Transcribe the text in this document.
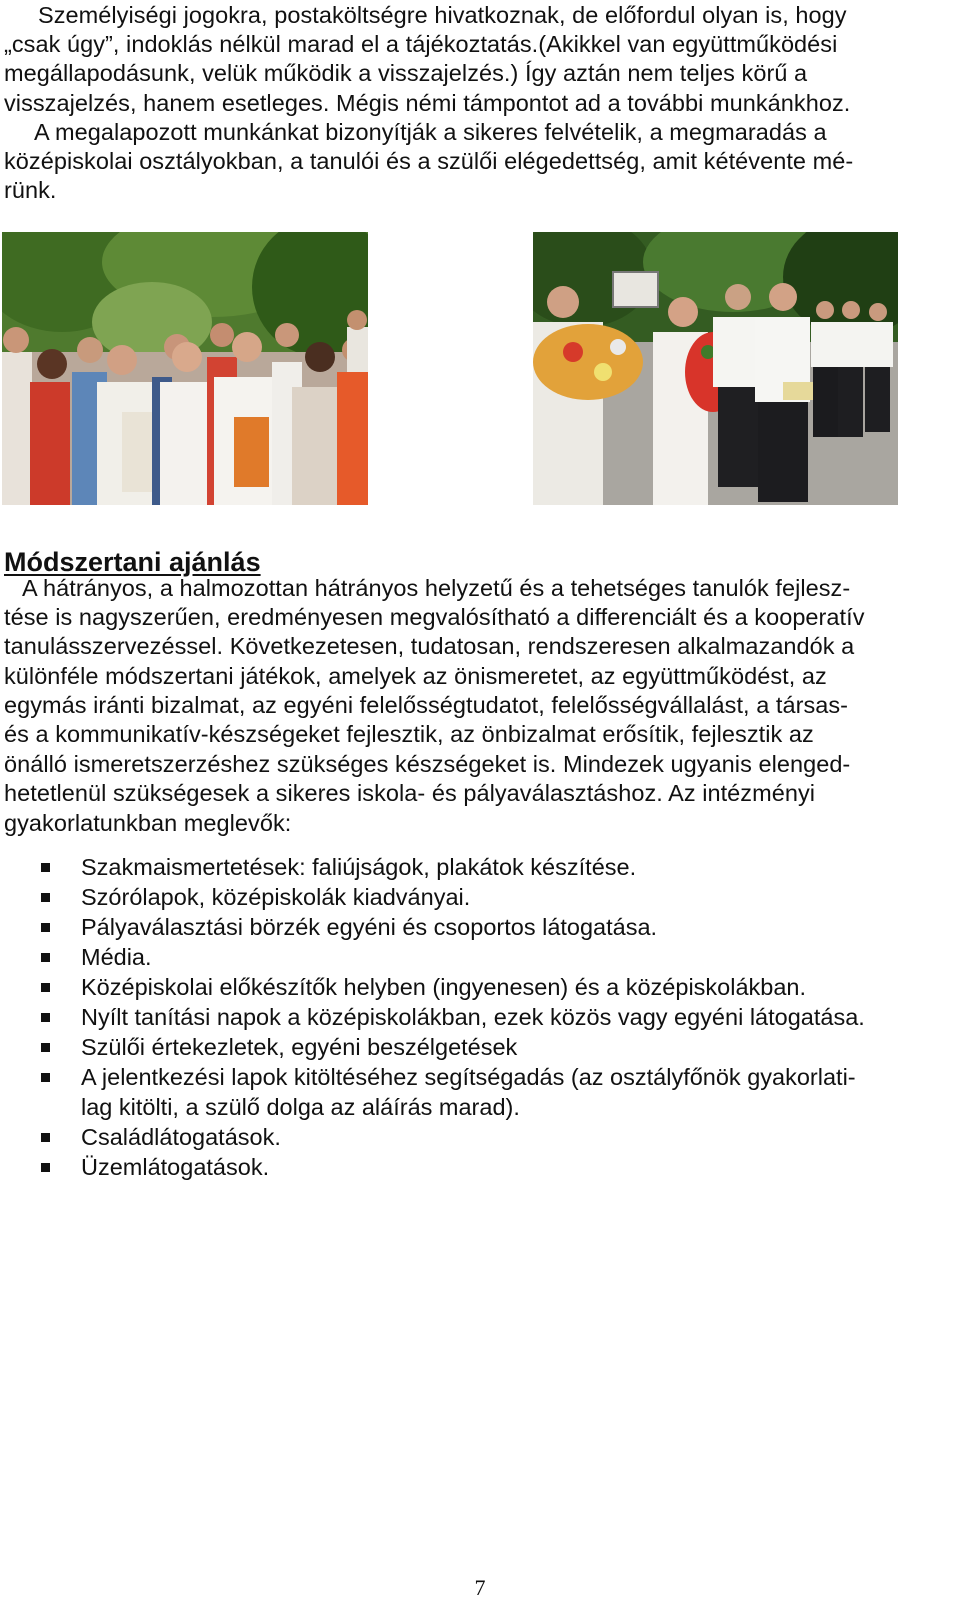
Személyiségi jogokra, postaköltségre hivatkoznak, de előfordul olyan is, hogy
„csak úgy”, indoklás nélkül marad el a tájékoztatás.(Akikkel van együttműködési
megállapodásunk, velük működik a visszajelzés.) Így aztán nem teljes körű a
visszajelzés, hanem esetleges. Mégis némi támpontot ad a további munkánkhoz.
A megalapozott munkánkat bizonyítják a sikeres felvételik, a megmaradás a
középiskolai osztályokban, a tanulói és a szülői elégedettség, amit kétévente mé-
rünk.
Módszertani ajánlás
A hátrányos, a halmozottan hátrányos helyzetű és a tehetséges tanulók fejlesz-
tése is nagyszerűen, eredményesen megvalósítható a differenciált és a kooperatív
tanulásszervezéssel. Következetesen, tudatosan, rendszeresen alkalmazandók a
különféle módszertani játékok, amelyek az önismeretet, az együttműködést, az
egymás iránti bizalmat, az egyéni felelősségtudatot, felelősségvállalást, a társas-
és a kommunikatív-készségeket fejlesztik, az önbizalmat erősítik, fejlesztik az
önálló ismeretszerzéshez szükséges készségeket is. Mindezek ugyanis elenged-
hetetlenül szükségesek a sikeres iskola- és pályaválasztáshoz. Az intézményi
gyakorlatunkban meglevők:
Szakmaismertetések: faliújságok, plakátok készítése.
Szórólapok, középiskolák kiadványai.
Pályaválasztási börzék egyéni és csoportos látogatása.
Média.
Középiskolai előkészítők helyben (ingyenesen) és a középiskolákban.
Nyílt tanítási napok a középiskolákban, ezek közös vagy egyéni látogatása.
Szülői értekezletek, egyéni beszélgetések
A jelentkezési lapok kitöltéséhez segítségadás (az osztályfőnök gyakorlati-
lag kitölti, a szülő dolga az aláírás marad).
Családlátogatások.
Üzemlátogatások.
7
